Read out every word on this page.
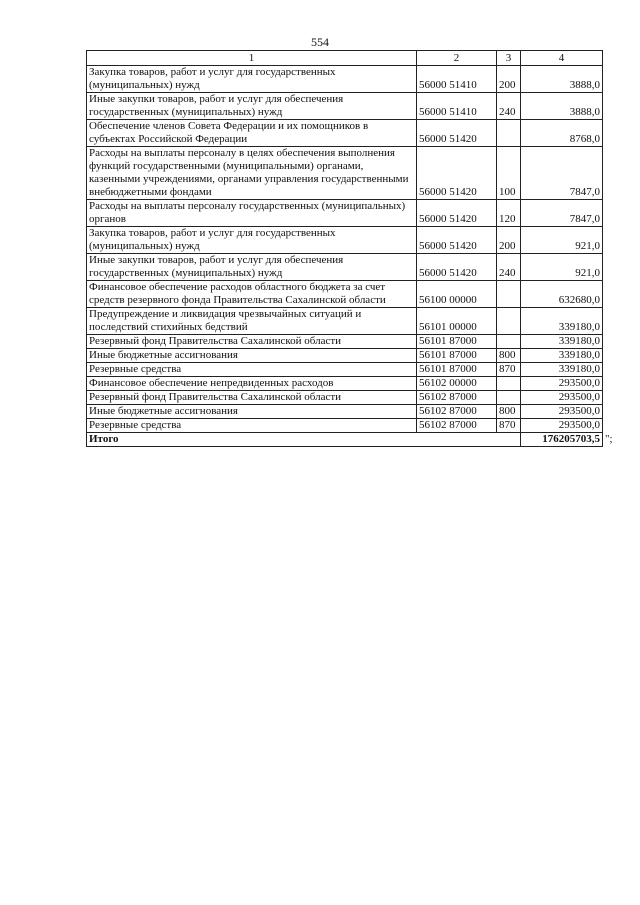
554
1	2	3	4
Закупка товаров, работ и услуг для государственных (муниципальных) нужд	56000 51410	200	3888,0
Иные закупки товаров, работ и услуг для обеспечения государственных (муниципальных) нужд	56000 51410	240	3888,0
Обеспечение членов Совета Федерации и их помощников в субъектах Российской Федерации	56000 51420		8768,0
Расходы на выплаты персоналу в целях обеспечения выполнения функций государственными (муниципальными) органами, казенными учреждениями, органами управления государственными внебюджетными фондами	56000 51420	100	7847,0
Расходы на выплаты персоналу государственных (муниципальных) органов	56000 51420	120	7847,0
Закупка товаров, работ и услуг для государственных (муниципальных) нужд	56000 51420	200	921,0
Иные закупки товаров, работ и услуг для обеспечения государственных (муниципальных) нужд	56000 51420	240	921,0
Финансовое обеспечение расходов областного бюджета за счет средств резервного фонда Правительства Сахалинской области	56100 00000		632680,0
Предупреждение и ликвидация чрезвычайных ситуаций и последствий стихийных бедствий	56101 00000		339180,0
Резервный фонд Правительства Сахалинской области	56101 87000		339180,0
Иные бюджетные ассигнования	56101 87000	800	339180,0
Резервные средства	56101 87000	870	339180,0
Финансовое обеспечение непредвиденных расходов	56102 00000		293500,0
Резервный фонд Правительства Сахалинской области	56102 87000		293500,0
Иные бюджетные ассигнования	56102 87000	800	293500,0
Резервные средства	56102 87000	870	293500,0
Итого			176205703,5 ";
